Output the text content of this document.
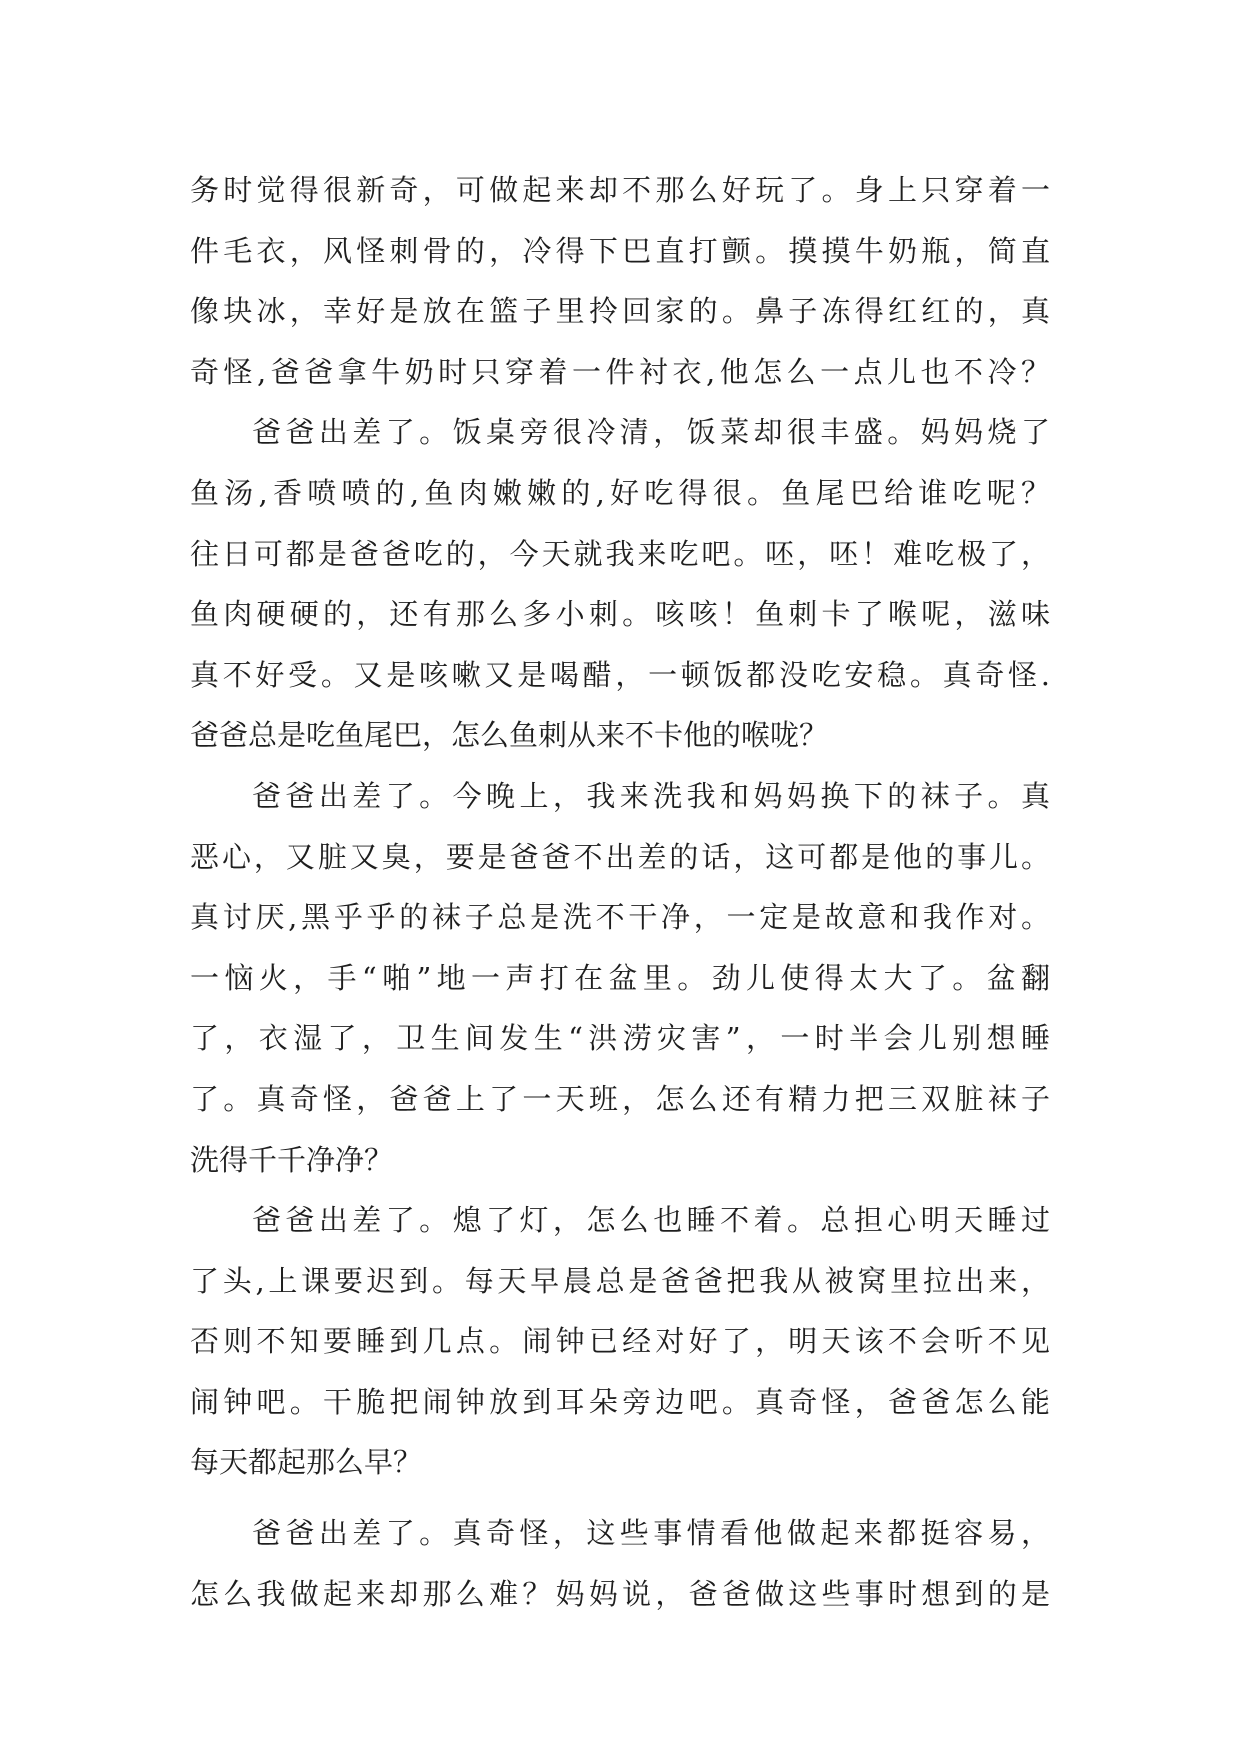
务时觉得很新奇，可做起来却不那么好玩了。身上只穿着一
件毛衣，风怪刺骨的，冷得下巴直打颤。摸摸牛奶瓶，简直
像块冰，幸好是放在篮子里拎回家的。鼻子冻得红红的，真
奇怪,爸爸拿牛奶时只穿着一件衬衣,他怎么一点儿也不冷？
爸爸出差了。饭桌旁很冷清，饭菜却很丰盛。妈妈烧了
鱼汤,香喷喷的,鱼肉嫩嫩的,好吃得很。鱼尾巴给谁吃呢？
往日可都是爸爸吃的，今天就我来吃吧。呸，呸！难吃极了，
鱼肉硬硬的，还有那么多小刺。咳咳！鱼刺卡了喉呢，滋味
真不好受。又是咳嗽又是喝醋，一顿饭都没吃安稳。真奇怪.
爸爸总是吃鱼尾巴，怎么鱼刺从来不卡他的喉咙？
爸爸出差了。今晚上，我来洗我和妈妈换下的袜子。真
恶心，又脏又臭，要是爸爸不出差的话，这可都是他的事儿。
真讨厌,黑乎乎的袜子总是洗不干净，一定是故意和我作对。
一恼火，手“啪”地一声打在盆里。劲儿使得太大了。盆翻
了，衣湿了，卫生间发生“洪涝灾害”，一时半会儿别想睡
了。真奇怪，爸爸上了一天班，怎么还有精力把三双脏袜子
洗得千千净净？
爸爸出差了。熄了灯，怎么也睡不着。总担心明天睡过
了头,上课要迟到。每天早晨总是爸爸把我从被窝里拉出来，
否则不知要睡到几点。闹钟已经对好了，明天该不会听不见
闹钟吧。干脆把闹钟放到耳朵旁边吧。真奇怪，爸爸怎么能
每天都起那么早？
爸爸出差了。真奇怪，这些事情看他做起来都挺容易，
怎么我做起来却那么难？妈妈说，爸爸做这些事时想到的是
